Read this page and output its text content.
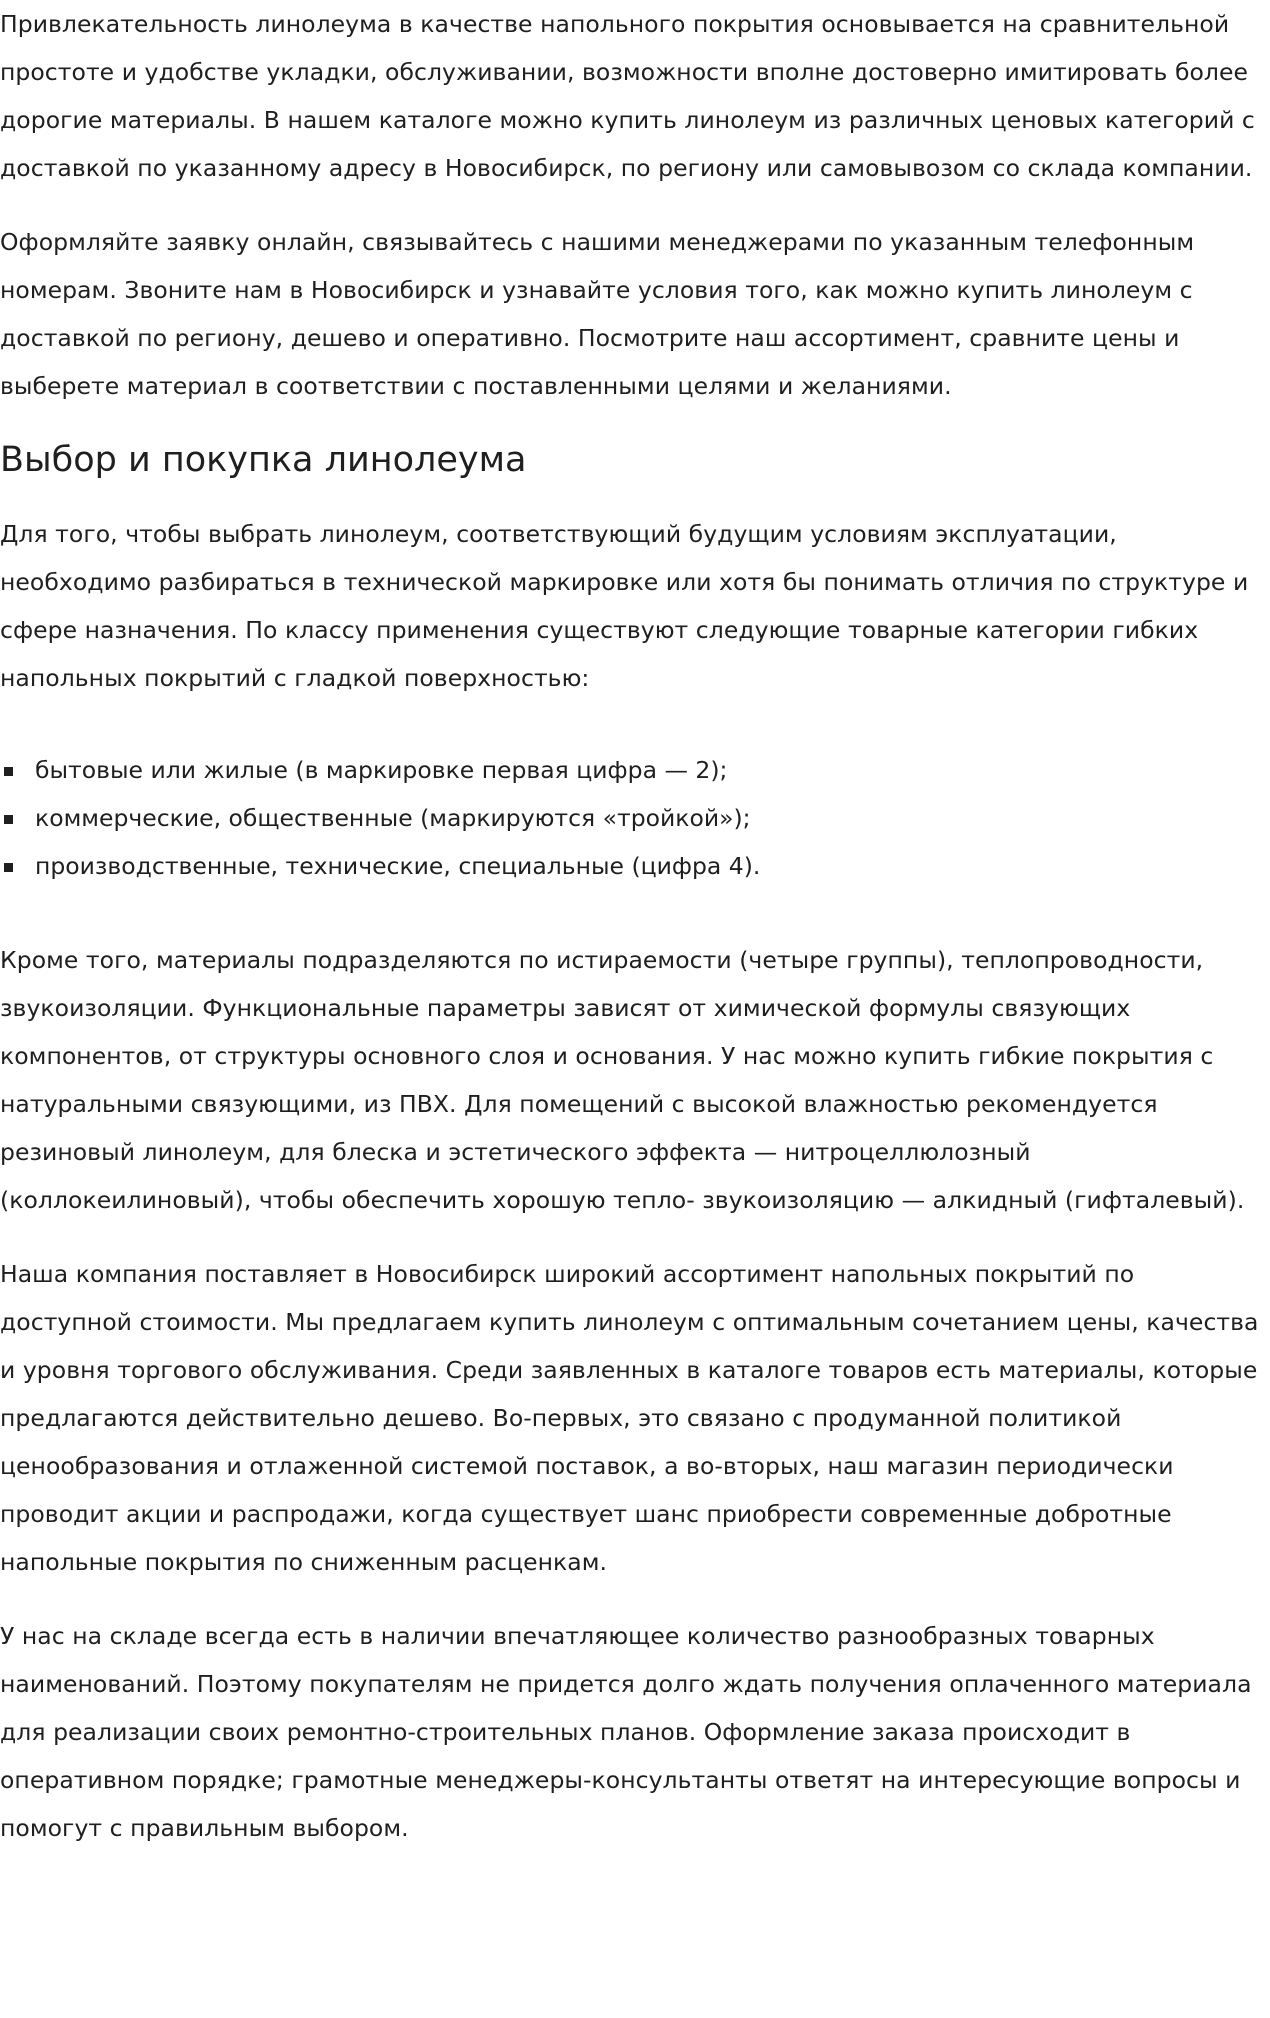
Привлекательность линолеума в качестве напольного покрытия основывается на сравнительной простоте и удобстве укладки, обслуживании, возможности вполне достоверно имитировать более дорогие материалы. В нашем каталоге можно купить линолеум из различных ценовых категорий с доставкой по указанному адресу в Новосибирск, по региону или самовывозом со склада компании.

Оформляйте заявку онлайн, связывайтесь с нашими менеджерами по указанным телефонным номерам. Звоните нам в Новосибирск и узнавайте условия того, как можно купить линолеум с доставкой по региону, дешево и оперативно. Посмотрите наш ассортимент, сравните цены и выберете материал в соответствии с поставленными целями и желаниями.

Выбор и покупка линолеума

Для того, чтобы выбрать линолеум, соответствующий будущим условиям эксплуатации, необходимо разбираться в технической маркировке или хотя бы понимать отличия по структуре и сфере назначения. По классу применения существуют следующие товарные категории гибких напольных покрытий с гладкой поверхностью:

бытовые или жилые (в маркировке первая цифра — 2);
коммерческие, общественные (маркируются «тройкой»);
производственные, технические, специальные (цифра 4).

Кроме того, материалы подразделяются по истираемости (четыре группы), теплопроводности, звукоизоляции. Функциональные параметры зависят от химической формулы связующих компонентов, от структуры основного слоя и основания. У нас можно купить гибкие покрытия с натуральными связующими, из ПВХ. Для помещений с высокой влажностью рекомендуется резиновый линолеум, для блеска и эстетического эффекта — нитроцеллюлозный (коллокеилиновый), чтобы обеспечить хорошую тепло- звукоизоляцию — алкидный (гифталевый).

Наша компания поставляет в Новосибирск широкий ассортимент напольных покрытий по доступной стоимости. Мы предлагаем купить линолеум с оптимальным сочетанием цены, качества и уровня торгового обслуживания. Среди заявленных в каталоге товаров есть материалы, которые предлагаются действительно дешево. Во-первых, это связано с продуманной политикой ценообразования и отлаженной системой поставок, а во-вторых, наш магазин периодически проводит акции и распродажи, когда существует шанс приобрести современные добротные напольные покрытия по сниженным расценкам.

У нас на складе всегда есть в наличии впечатляющее количество разнообразных товарных наименований. Поэтому покупателям не придется долго ждать получения оплаченного материала для реализации своих ремонтно-строительных планов. Оформление заказа происходит в оперативном порядке; грамотные менеджеры-консультанты ответят на интересующие вопросы и помогут с правильным выбором.
